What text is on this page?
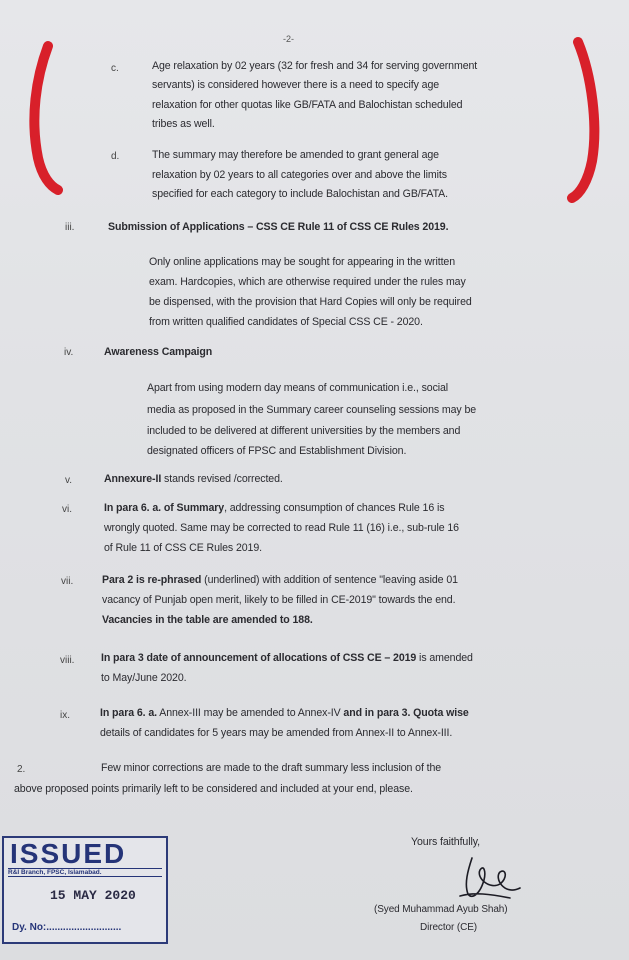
-2-
c.	Age relaxation by 02 years (32 for fresh and 34 for serving government
servants) is considered however there is a need to specify age
relaxation for other quotas like GB/FATA and Balochistan scheduled
tribes as well.
d.	The summary may therefore be amended to grant general age
relaxation by 02 years to all categories over and above the limits
specified for each category to include Balochistan and GB/FATA.
iii.	Submission of Applications – CSS CE Rule 11 of CSS CE Rules 2019.
Only online applications may be sought for appearing in the written
exam. Hardcopies, which are otherwise required under the rules may
be dispensed, with the provision that Hard Copies will only be required
from written qualified candidates of Special CSS CE - 2020.
iv.	Awareness Campaign
Apart from using modern day means of communication i.e., social
media as proposed in the Summary career counseling sessions may be
included to be delivered at different universities by the members and
designated officers of FPSC and Establishment Division.
v.	Annexure-II stands revised /corrected.
vi.	In para 6. a. of Summary, addressing consumption of chances Rule 16 is
wrongly quoted. Same may be corrected to read Rule 11 (16) i.e., sub-rule 16
of Rule 11 of CSS CE Rules 2019.
vii.	Para 2 is re-phrased (underlined) with addition of sentence "leaving aside 01
vacancy of Punjab open merit, likely to be filled in CE-2019" towards the end.
Vacancies in the table are amended to 188.
viii.	In para 3 date of announcement of allocations of CSS CE – 2019 is amended
to May/June 2020.
ix.	In para 6. a. Annex-III may be amended to Annex-IV and in para 3. Quota wise
details of candidates for 5 years may be amended from Annex-II to Annex-III.
2.	Few minor corrections are made to the draft summary less inclusion of the
above proposed points primarily left to be considered and included at your end, please.
Yours faithfully,
(Syed Muhammad Ayub Shah)
Director (CE)
ISSUED
R&I Branch, FPSC, Islamabad.
15 MAY 2020
Dy. No:...........................
